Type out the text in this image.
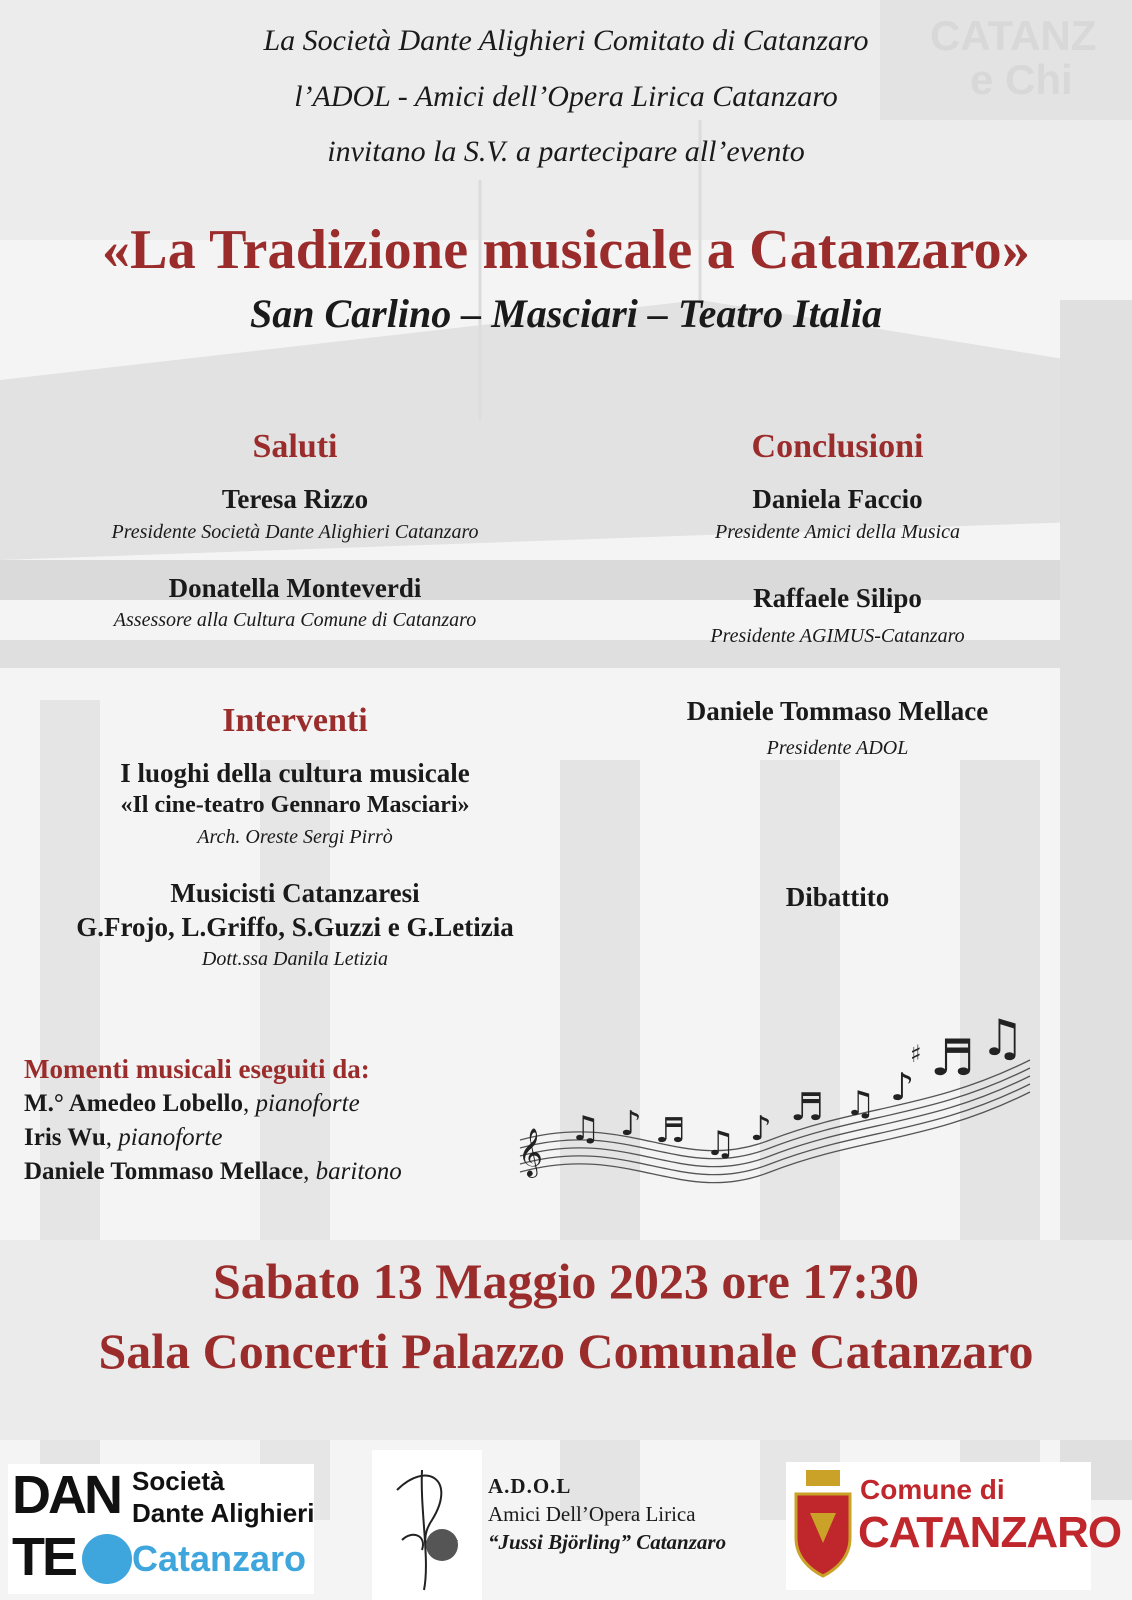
CATANZ
e Chi
La Società Dante Alighieri Comitato di Catanzaro
l’ADOL - Amici dell’Opera Lirica Catanzaro
invitano la S.V. a partecipare all’evento
«La Tradizione musicale a Catanzaro»
San Carlino – Masciari – Teatro Italia
Saluti
Teresa Rizzo
Presidente Società Dante Alighieri Catanzaro
Donatella Monteverdi
Assessore alla Cultura Comune di Catanzaro
Conclusioni
Daniela Faccio
Presidente Amici della Musica
Raffaele Silipo
Presidente AGIMUS-Catanzaro
Daniele Tommaso Mellace
Presidente ADOL
Dibattito
Interventi
I luoghi della cultura musicale
«Il cine-teatro Gennaro Masciari»
Arch. Oreste Sergi Pirrò
Musicisti Catanzaresi
G.Frojo, L.Griffo, S.Guzzi e G.Letizia
Dott.ssa Danila Letizia
Momenti musicali eseguiti da:
M.° Amedeo Lobello, pianoforte
Iris Wu, pianoforte
Daniele Tommaso Mellace, baritono	𝄞 ♫ ♪ ♬ ♫ ♪ ♬ ♫ ♪
♯ ♬ ♫
Sabato 13 Maggio 2023 ore 17:30
Sala Concerti Palazzo Comunale Catanzaro
DAN
TE
Società
Dante Alighieri
Catanzaro
A.D.O.L
Amici Dell’Opera Lirica
“Jussi Björling” Catanzaro
Comune di
CATANZARO
